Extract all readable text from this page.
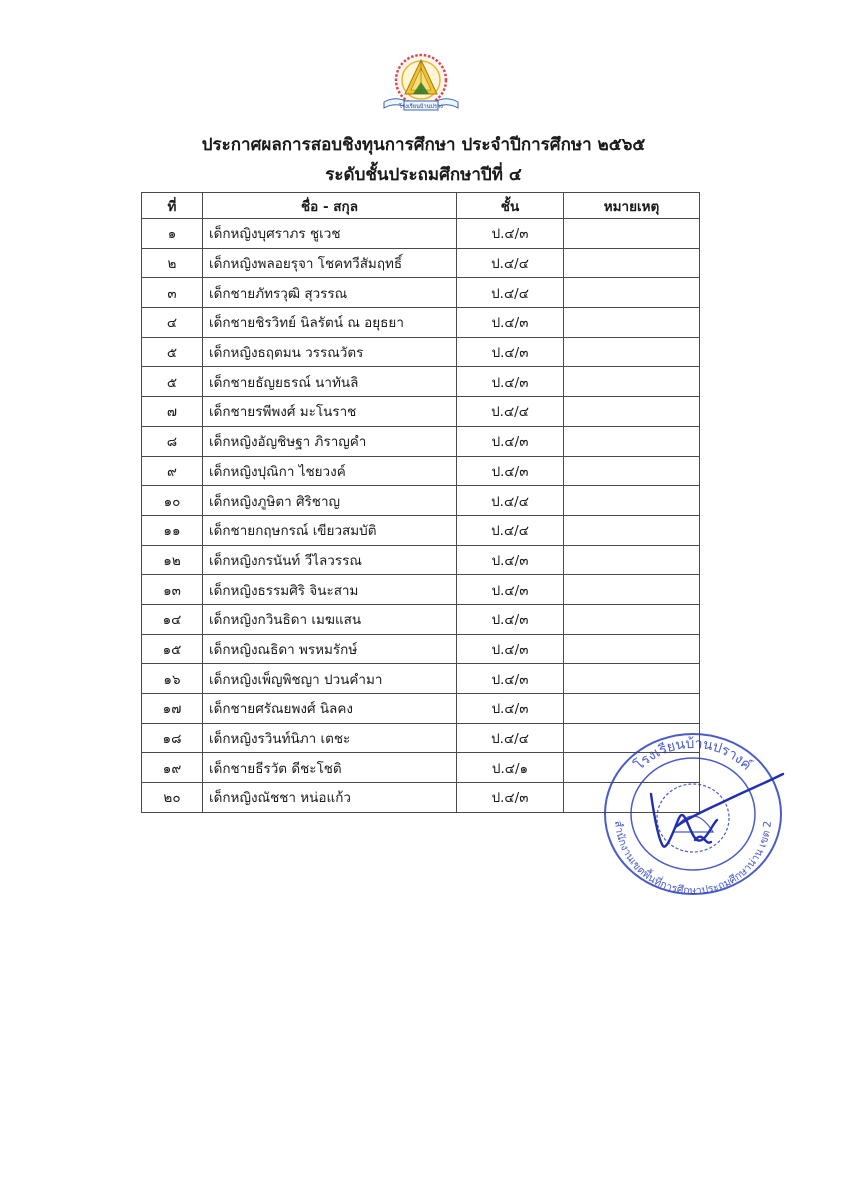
โรงเรียนบ้านปราง
ประกาศผลการสอบชิงทุนการศึกษา ประจำปีการศึกษา ๒๕๖๕
ระดับชั้นประถมศึกษาปีที่ ๔
ที่	ชื่อ - สกุล	ชั้น	หมายเหตุ
๑	เด็กหญิงบุศราภร ชูเวช	ป.๔/๓	
๒	เด็กหญิงพลอยรุจา โชคทวีสัมฤทธิ์	ป.๔/๔	
๓	เด็กชายภัทรวุฒิ สุวรรณ	ป.๔/๔	
๔	เด็กชายชิรวิทย์ นิลรัตน์ ณ อยุธยา	ป.๔/๓	
๕	เด็กหญิงธฤตมน วรรณวัตร	ป.๔/๓	
๕	เด็กชายธัญยธรณ์ นาทันลิ	ป.๔/๓	
๗	เด็กชายรพีพงศ์ มะโนราช	ป.๔/๔	
๘	เด็กหญิงอัญชิษฐา ภิราญคำ	ป.๔/๓	
๙	เด็กหญิงปุณิกา ไชยวงค์	ป.๔/๓	
๑๐	เด็กหญิงภูษิตา ศิริชาญ	ป.๔/๔	
๑๑	เด็กชายกฤษกรณ์ เขียวสมบัติ	ป.๔/๔	
๑๒	เด็กหญิงกรนันท์ วีไลวรรณ	ป.๔/๓	
๑๓	เด็กหญิงธรรมศิริ จินะสาม	ป.๔/๓	
๑๔	เด็กหญิงกวินธิดา เมฆแสน	ป.๔/๓	
๑๕	เด็กหญิงณธิดา พรหมรักษ์	ป.๔/๓	
๑๖	เด็กหญิงเพ็ญพิชญา ปวนคำมา	ป.๔/๓	
๑๗	เด็กชายศรัณยพงศ์ นิลคง	ป.๔/๓	
๑๘	เด็กหญิงรวินท์นิภา เตชะ	ป.๔/๔	
๑๙	เด็กชายธีรวัต ดีชะโชติ	ป.๔/๑	
๒๐	เด็กหญิงณัชชา หน่อแก้ว	ป.๔/๓	
โรงเรียนบ้านปรางค์
สำนักงานเขตพื้นที่การศึกษาประถมศึกษาน่าน เขต 2
